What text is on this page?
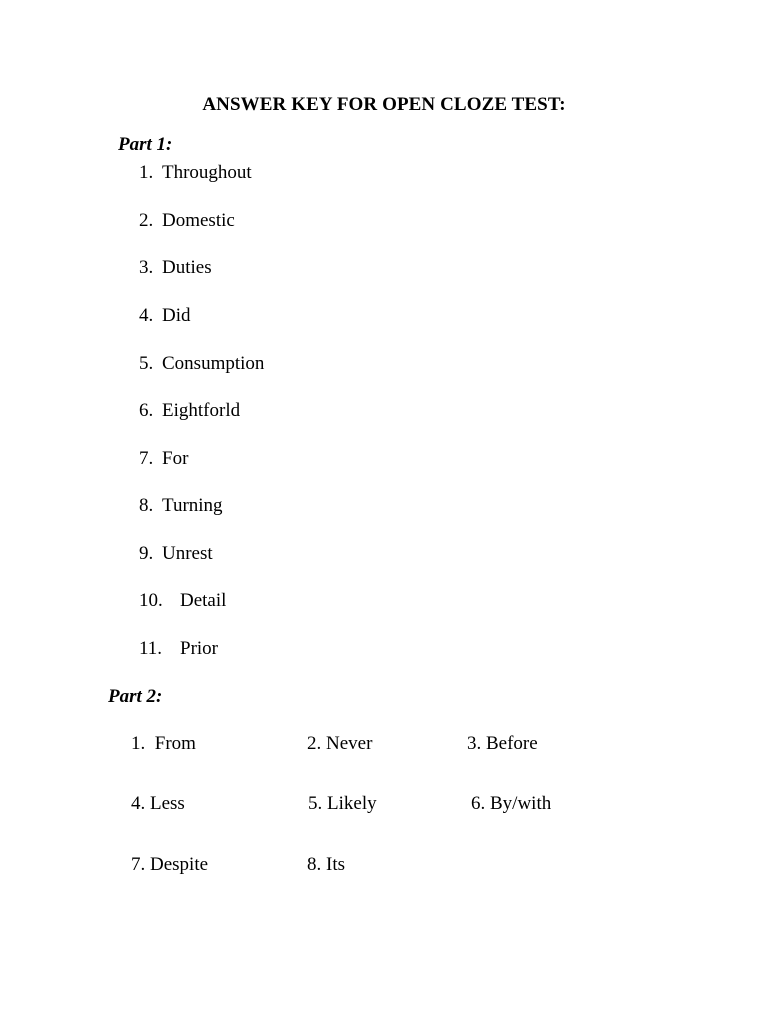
ANSWER KEY FOR OPEN CLOZE TEST:
Part 1:
1. Throughout
2. Domestic
3. Duties
4. Did
5. Consumption
6. Eightforld
7. For
8. Turning
9. Unrest
10. Detail
11. Prior
Part 2:
1. From	2. Never	3. Before
4. Less	5. Likely	6. By/with
7. Despite	8. Its
